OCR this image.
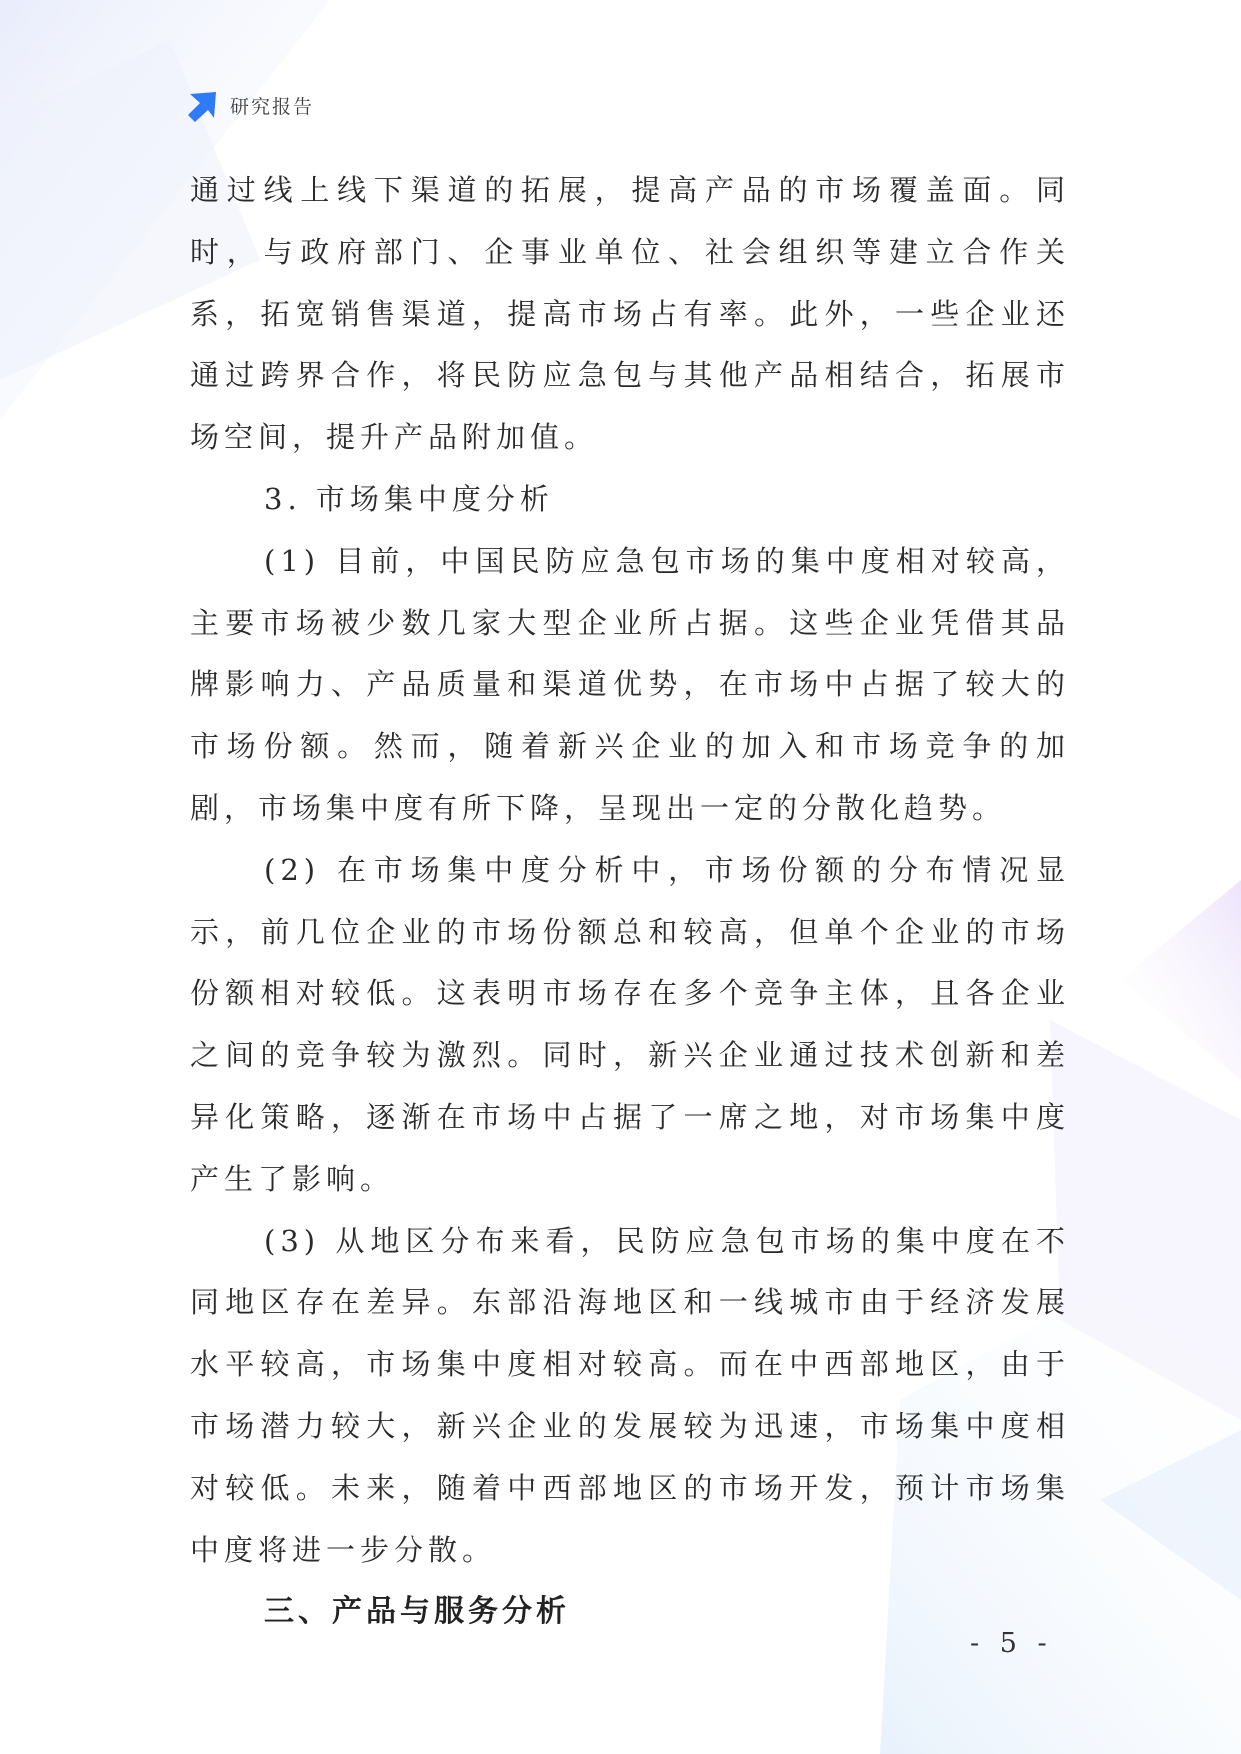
研究报告

通过线上线下渠道的拓展，提高产品的市场覆盖面。同时，与政府部门、企事业单位、社会组织等建立合作关系，拓宽销售渠道，提高市场占有率。此外，一些企业还通过跨界合作，将民防应急包与其他产品相结合，拓展市场空间，提升产品附加值。

3. 市场集中度分析

(1) 目前，中国民防应急包市场的集中度相对较高，主要市场被少数几家大型企业所占据。这些企业凭借其品牌影响力、产品质量和渠道优势，在市场中占据了较大的市场份额。然而，随着新兴企业的加入和市场竞争的加剧，市场集中度有所下降，呈现出一定的分散化趋势。

(2) 在市场集中度分析中，市场份额的分布情况显示，前几位企业的市场份额总和较高，但单个企业的市场份额相对较低。这表明市场存在多个竞争主体，且各企业之间的竞争较为激烈。同时，新兴企业通过技术创新和差异化策略，逐渐在市场中占据了一席之地，对市场集中度产生了影响。

(3) 从地区分布来看，民防应急包市场的集中度在不同地区存在差异。东部沿海地区和一线城市由于经济发展水平较高，市场集中度相对较高。而在中西部地区，由于市场潜力较大，新兴企业的发展较为迅速，市场集中度相对较低。未来，随着中西部地区的市场开发，预计市场集中度将进一步分散。

三、产品与服务分析

- 5 -
